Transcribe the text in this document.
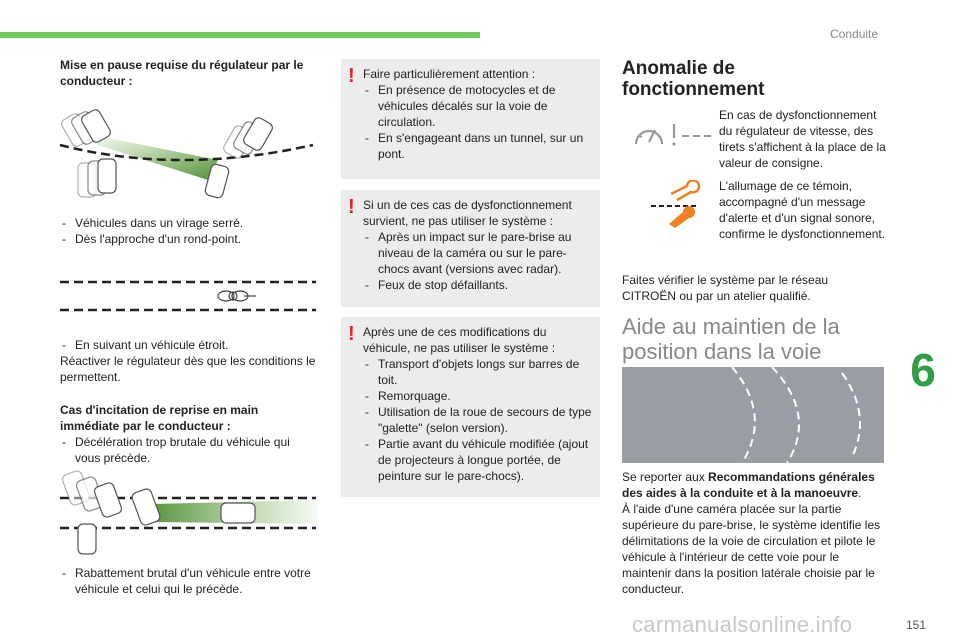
Conduite
Mise en pause requise du régulateur par le conducteur :
- Véhicules dans un virage serré.
- Dès l'approche d'un rond-point.
- En suivant un véhicule étroit.
Réactiver le régulateur dès que les conditions le permettent.
Cas d'incitation de reprise en main immédiate par le conducteur :
- Décélération trop brutale du véhicule qui vous précède.
- Rabattement brutal d'un véhicule entre votre véhicule et celui qui le précède.
! Faire particulièrement attention :
- En présence de motocycles et de véhicules décalés sur la voie de circulation.
- En s'engageant dans un tunnel, sur un pont.
! Si un de ces cas de dysfonctionnement survient, ne pas utiliser le système :
- Après un impact sur le pare-brise au niveau de la caméra ou sur le pare-chocs avant (versions avec radar).
- Feux de stop défaillants.
! Après une de ces modifications du véhicule, ne pas utiliser le système :
- Transport d'objets longs sur barres de toit.
- Remorquage.
- Utilisation de la roue de secours de type "galette" (selon version).
- Partie avant du véhicule modifiée (ajout de projecteurs à longue portée, de peinture sur le pare-chocs).
Anomalie de fonctionnement
En cas de dysfonctionnement du régulateur de vitesse, des tirets s'affichent à la place de la valeur de consigne.
L'allumage de ce témoin, accompagné d'un message d'alerte et d'un signal sonore, confirme le dysfonctionnement.
Faites vérifier le système par le réseau CITROËN ou par un atelier qualifié.
Aide au maintien de la position dans la voie
Se reporter aux Recommandations générales des aides à la conduite et à la manoeuvre.
À l'aide d'une caméra placée sur la partie supérieure du pare-brise, le système identifie les délimitations de la voie de circulation et pilote le véhicule à l'intérieur de cette voie pour le maintenir dans la position latérale choisie par le conducteur.
6
carmanualsonline.info	151
